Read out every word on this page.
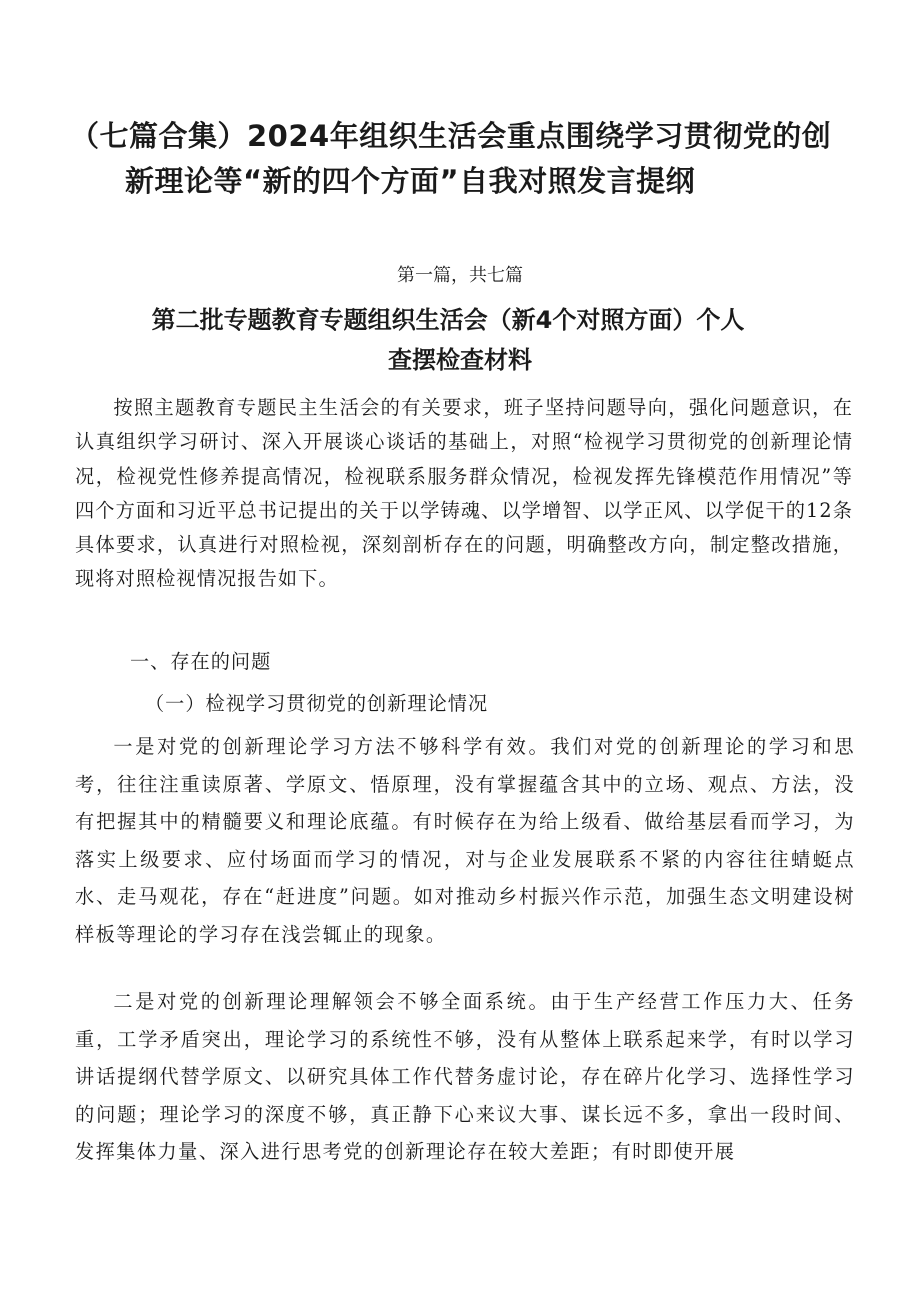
（七篇合集）2024年组织生活会重点围绕学习贯彻党的创
新理论等“新的四个方面”自我对照发言提纲
第一篇，共七篇
第二批专题教育专题组织生活会（新4个对照方面）个人
查摆检查材料

按照主题教育专题民主生活会的有关要求，班子坚持问题导向，强化问题意识，在认真组织学习研讨、深入开展谈心谈话的基础上，对照“检视学习贯彻党的创新理论情况，检视党性修养提高情况，检视联系服务群众情况，检视发挥先锋模范作用情况”等四个方面和习近平总书记提出的关于以学铸魂、以学增智、以学正风、以学促干的12条具体要求，认真进行对照检视，深刻剖析存在的问题，明确整改方向，制定整改措施，现将对照检视情况报告如下。

一、存在的问题

（一）检视学习贯彻党的创新理论情况

一是对党的创新理论学习方法不够科学有效。我们对党的创新理论的学习和思考，往往注重读原著、学原文、悟原理，没有掌握蕴含其中的立场、观点、方法，没有把握其中的精髓要义和理论底蕴。有时候存在为给上级看、做给基层看而学习，为落实上级要求、应付场面而学习的情况，对与企业发展联系不紧的内容往往蜻蜓点水、走马观花，存在“赶进度”问题。如对推动乡村振兴作示范，加强生态文明建设树样板等理论的学习存在浅尝辄止的现象。

二是对党的创新理论理解领会不够全面系统。由于生产经营工作压力大、任务重，工学矛盾突出，理论学习的系统性不够，没有从整体上联系起来学，有时以学习讲话提纲代替学原文、以研究具体工作代替务虚讨论，存在碎片化学习、选择性学习的问题；理论学习的深度不够，真正静下心来议大事、谋长远不多，拿出一段时间、发挥集体力量、深入进行思考党的创新理论存在较大差距；有时即使开展
